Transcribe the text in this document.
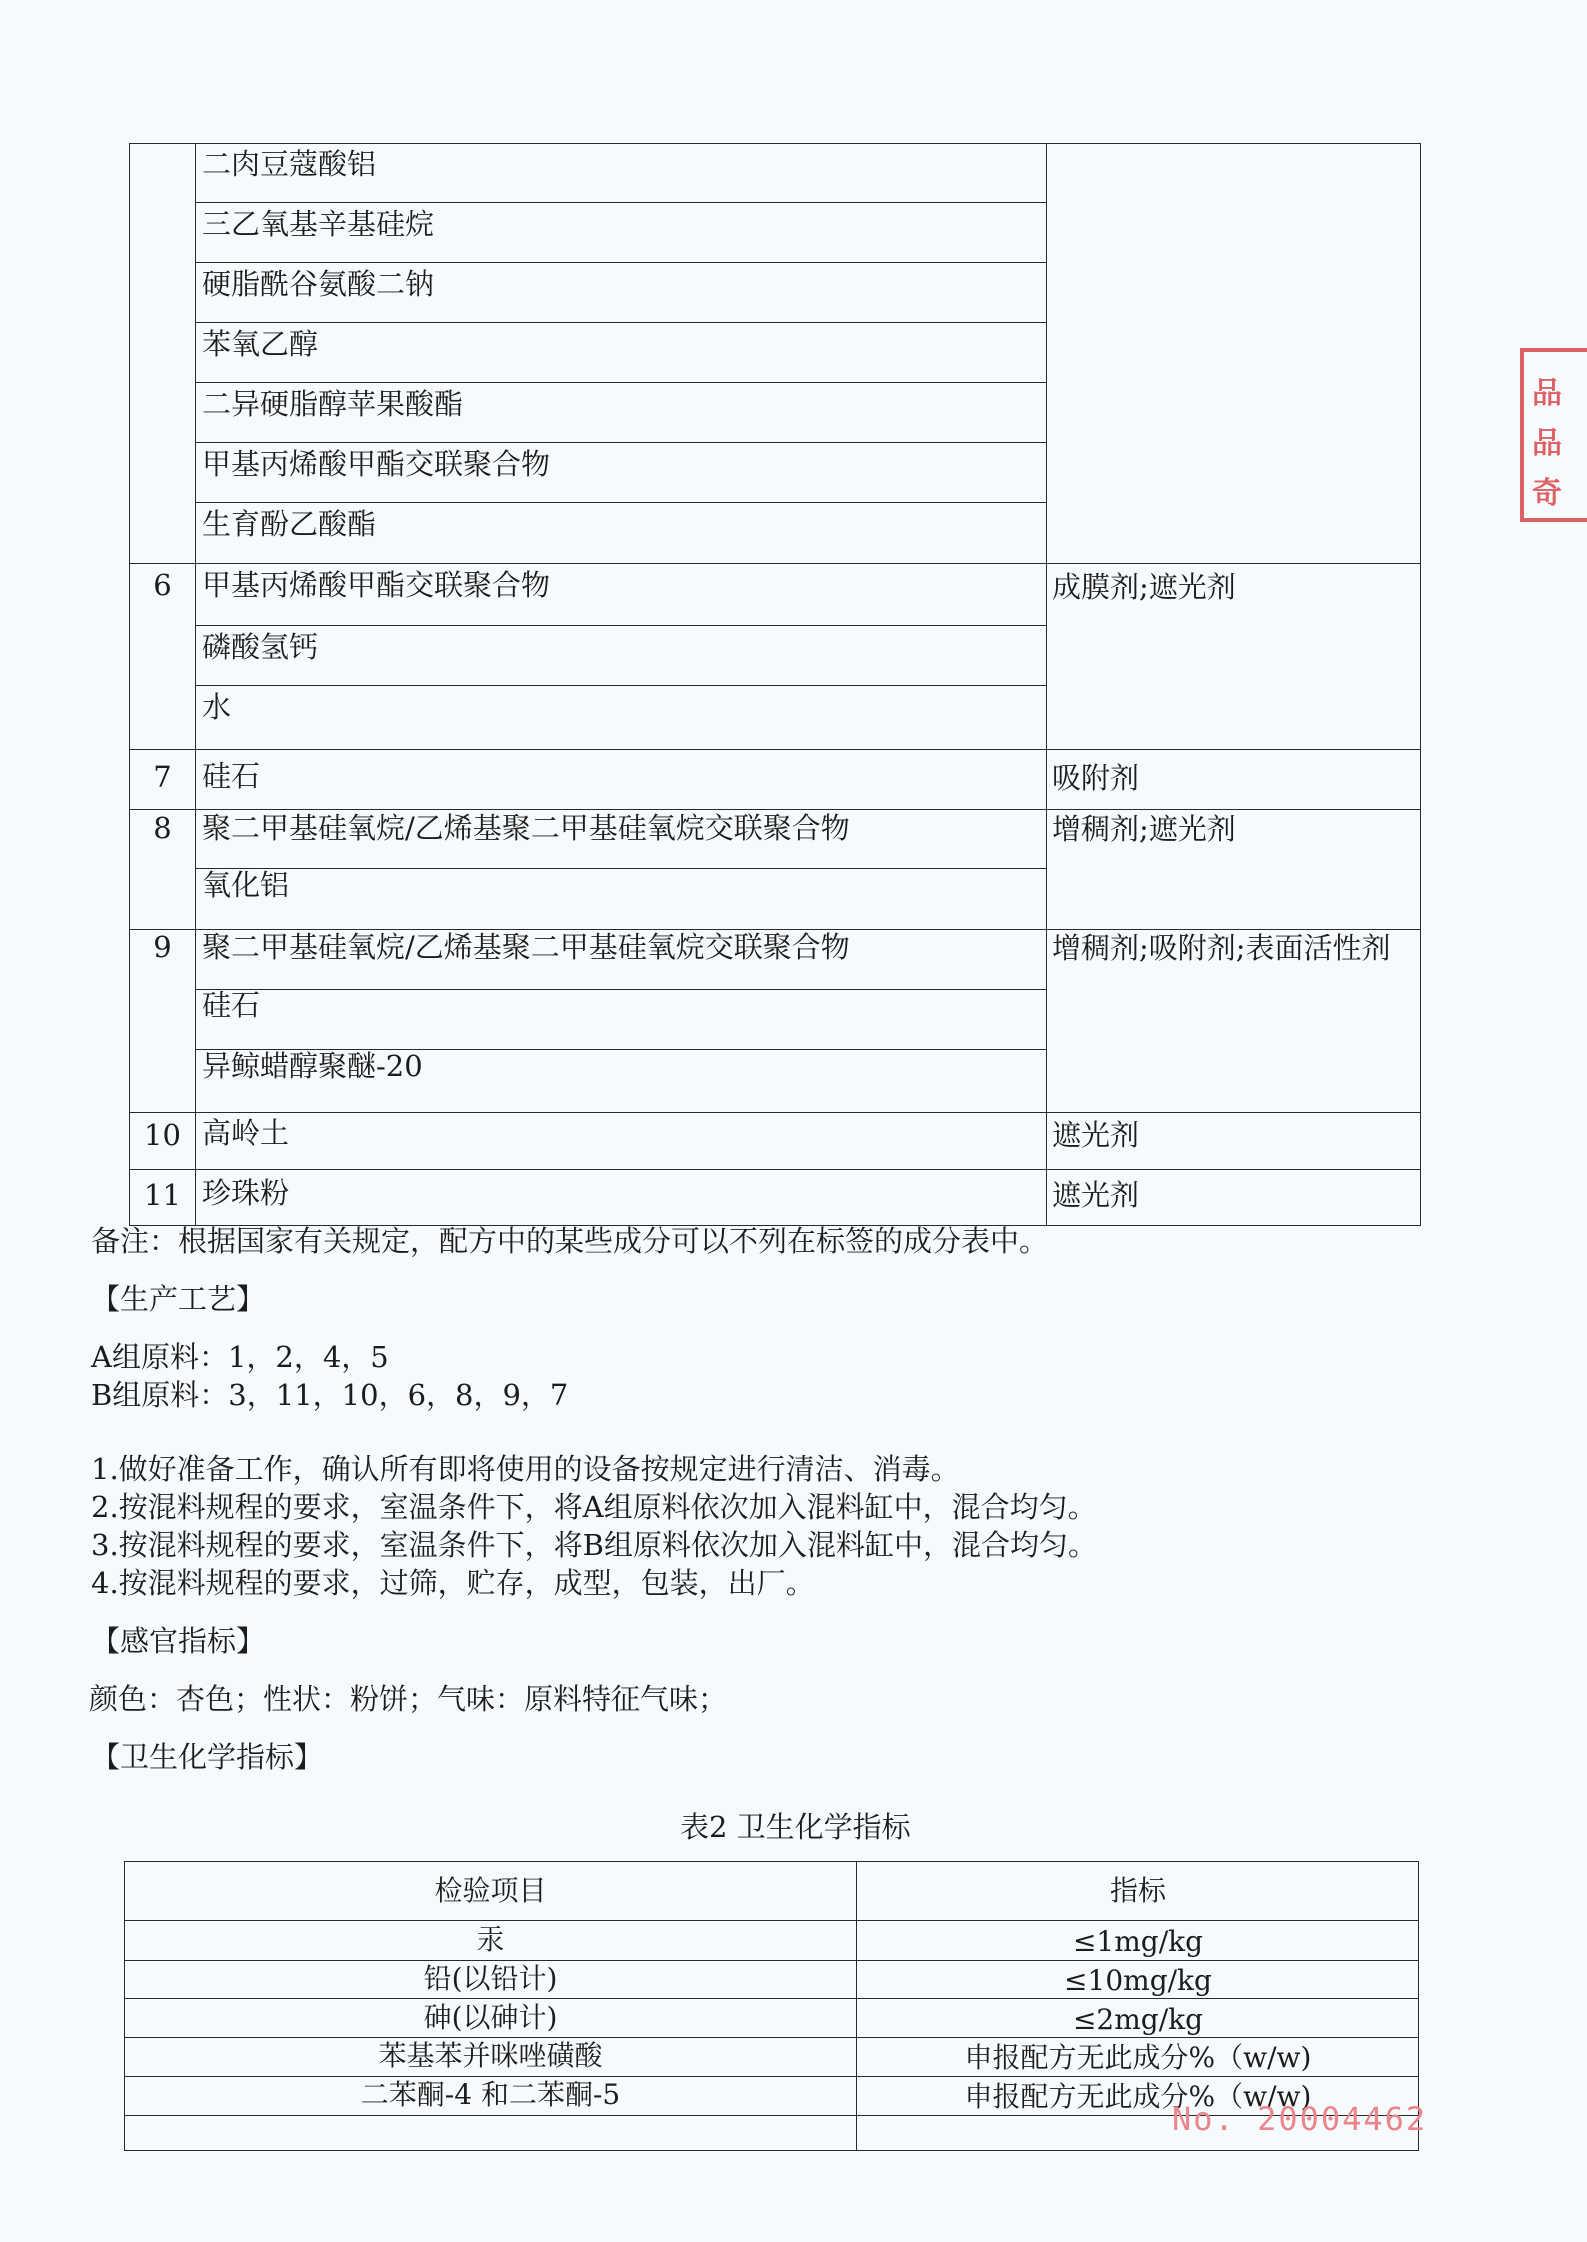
二肉豆蔻酸铝
三乙氧基辛基硅烷
硬脂酰谷氨酸二钠
苯氧乙醇
二异硬脂醇苹果酸酯
甲基丙烯酸甲酯交联聚合物
生育酚乙酸酯
6	甲基丙烯酸甲酯交联聚合物	成膜剂;遮光剂
磷酸氢钙
水
7	硅石	吸附剂
8	聚二甲基硅氧烷/乙烯基聚二甲基硅氧烷交联聚合物	增稠剂;遮光剂
氧化铝
9	聚二甲基硅氧烷/乙烯基聚二甲基硅氧烷交联聚合物	增稠剂;吸附剂;表面活性剂
硅石
异鲸蜡醇聚醚-20
10 高岭土	遮光剂
11 珍珠粉	遮光剂
备注：根据国家有关规定，配方中的某些成分可以不列在标签的成分表中。
【生产工艺】
A组原料：1，2，4，5
B组原料：3，11，10，6，8，9，7
1.做好准备工作，确认所有即将使用的设备按规定进行清洁、消毒。
2.按混料规程的要求，室温条件下，将A组原料依次加入混料缸中，混合均匀。
3.按混料规程的要求，室温条件下，将B组原料依次加入混料缸中，混合均匀。
4.按混料规程的要求，过筛，贮存，成型，包装，出厂。
【感官指标】
颜色：杏色；性状：粉饼；气味：原料特征气味；
【卫生化学指标】
表2 卫生化学指标
检验项目	指标
汞	≤1mg/kg
铅(以铅计)	≤10mg/kg
砷(以砷计)	≤2mg/kg
苯基苯并咪唑磺酸	申报配方无此成分%（w/w)
二苯酮-4 和二苯酮-5	申报配方无此成分%（w/w)
品
品
奇
No. 20004462
